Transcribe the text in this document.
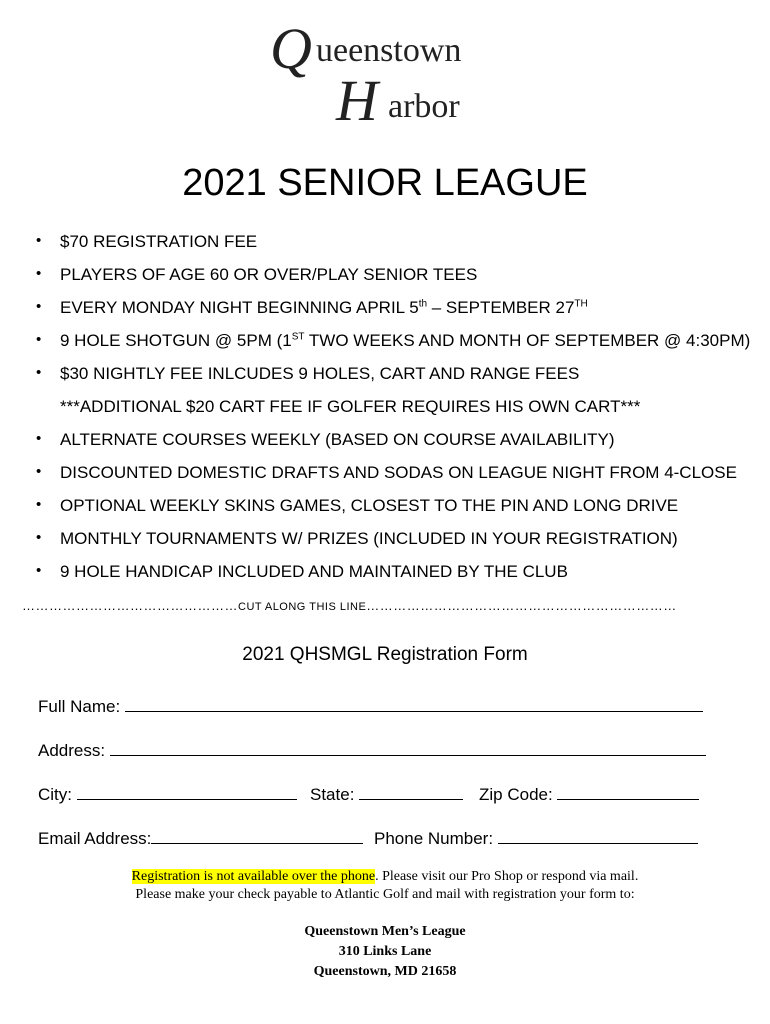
Q ueenstown
H arbor
2021 SENIOR LEAGUE
• $70 REGISTRATION FEE
• PLAYERS OF AGE 60 OR OVER/PLAY SENIOR TEES
• EVERY MONDAY NIGHT BEGINNING APRIL 5th – SEPTEMBER 27TH
• 9 HOLE SHOTGUN @ 5PM (1ST TWO WEEKS AND MONTH OF SEPTEMBER @ 4:30PM)
• $30 NIGHTLY FEE INLCUDES 9 HOLES, CART AND RANGE FEES
***ADDITIONAL $20 CART FEE IF GOLFER REQUIRES HIS OWN CART***
• ALTERNATE COURSES WEEKLY (BASED ON COURSE AVAILABILITY)
• DISCOUNTED DOMESTIC DRAFTS AND SODAS ON LEAGUE NIGHT FROM 4-CLOSE
• OPTIONAL WEEKLY SKINS GAMES, CLOSEST TO THE PIN AND LONG DRIVE
• MONTHLY TOURNAMENTS W/ PRIZES (INCLUDED IN YOUR REGISTRATION)
• 9 HOLE HANDICAP INCLUDED AND MAINTAINED BY THE CLUB
…………………………………………CUT ALONG THIS LINE……………………………………………………………
2021 QHSMGL Registration Form
Full Name:
Address:
City:	State:	Zip Code:
Email Address:	Phone Number:
Registration is not available over the phone. Please visit our Pro Shop or respond via mail.
Please make your check payable to Atlantic Golf and mail with registration your form to:
Queenstown Men’s League
310 Links Lane
Queenstown, MD 21658
